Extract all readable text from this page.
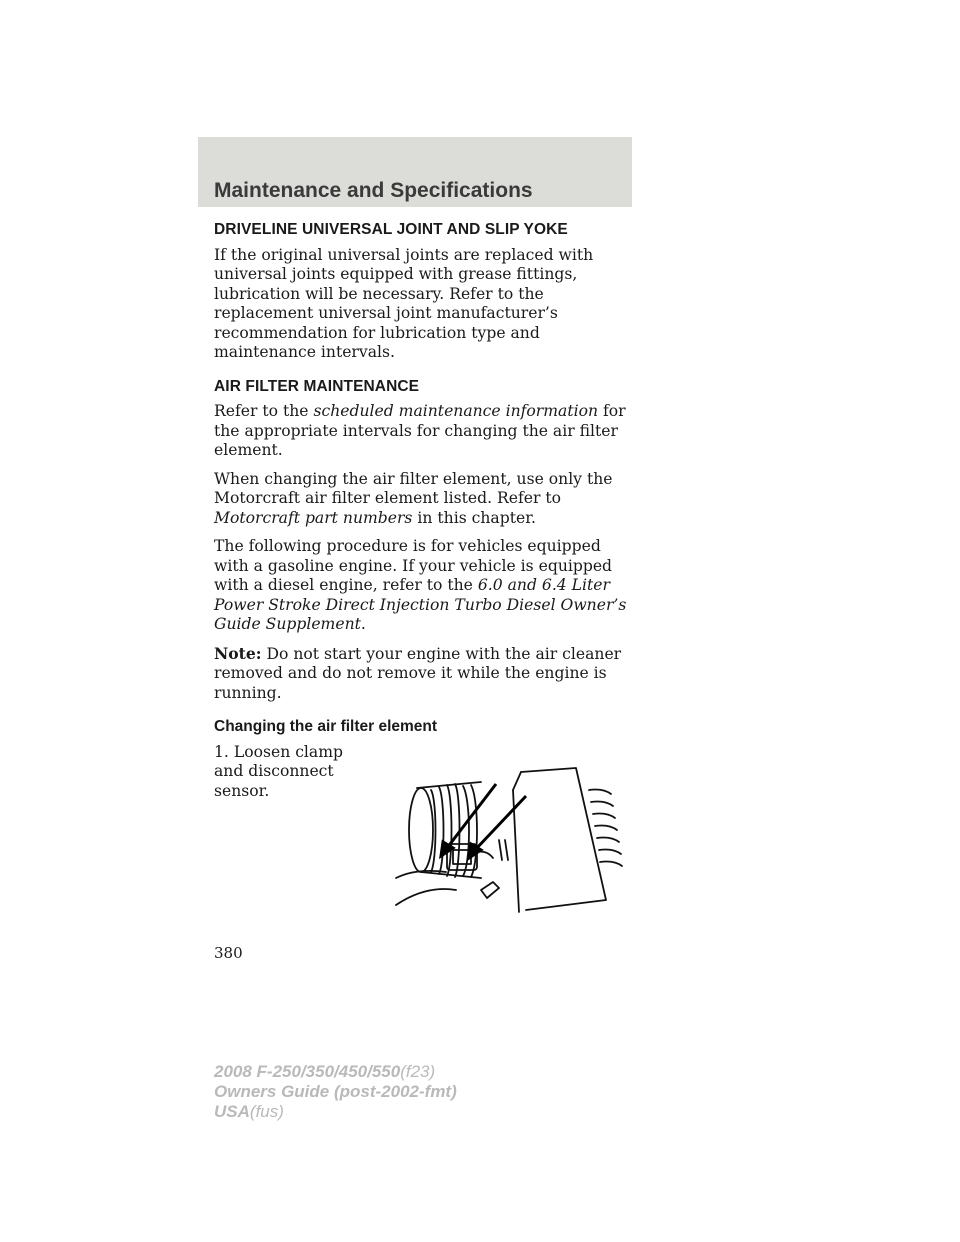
Maintenance and Specifications
DRIVELINE UNIVERSAL JOINT AND SLIP YOKE

If the original universal joints are replaced with universal joints equipped with grease fittings, lubrication will be necessary. Refer to the replacement universal joint manufacturer’s recommendation for lubrication type and maintenance intervals.

AIR FILTER MAINTENANCE

Refer to the scheduled maintenance information for the appropriate intervals for changing the air filter element.

When changing the air filter element, use only the Motorcraft air filter element listed. Refer to Motorcraft part numbers in this chapter.

The following procedure is for vehicles equipped with a gasoline engine. If your vehicle is equipped with a diesel engine, refer to the 6.0 and 6.4 Liter Power Stroke Direct Injection Turbo Diesel Owner’s Guide Supplement.

Note: Do not start your engine with the air cleaner removed and do not remove it while the engine is running.

Changing the air filter element

1. Loosen clamp and disconnect sensor.

380

2008 F-250/350/450/550(f23)
Owners Guide (post-2002-fmt)
USA(fus)
